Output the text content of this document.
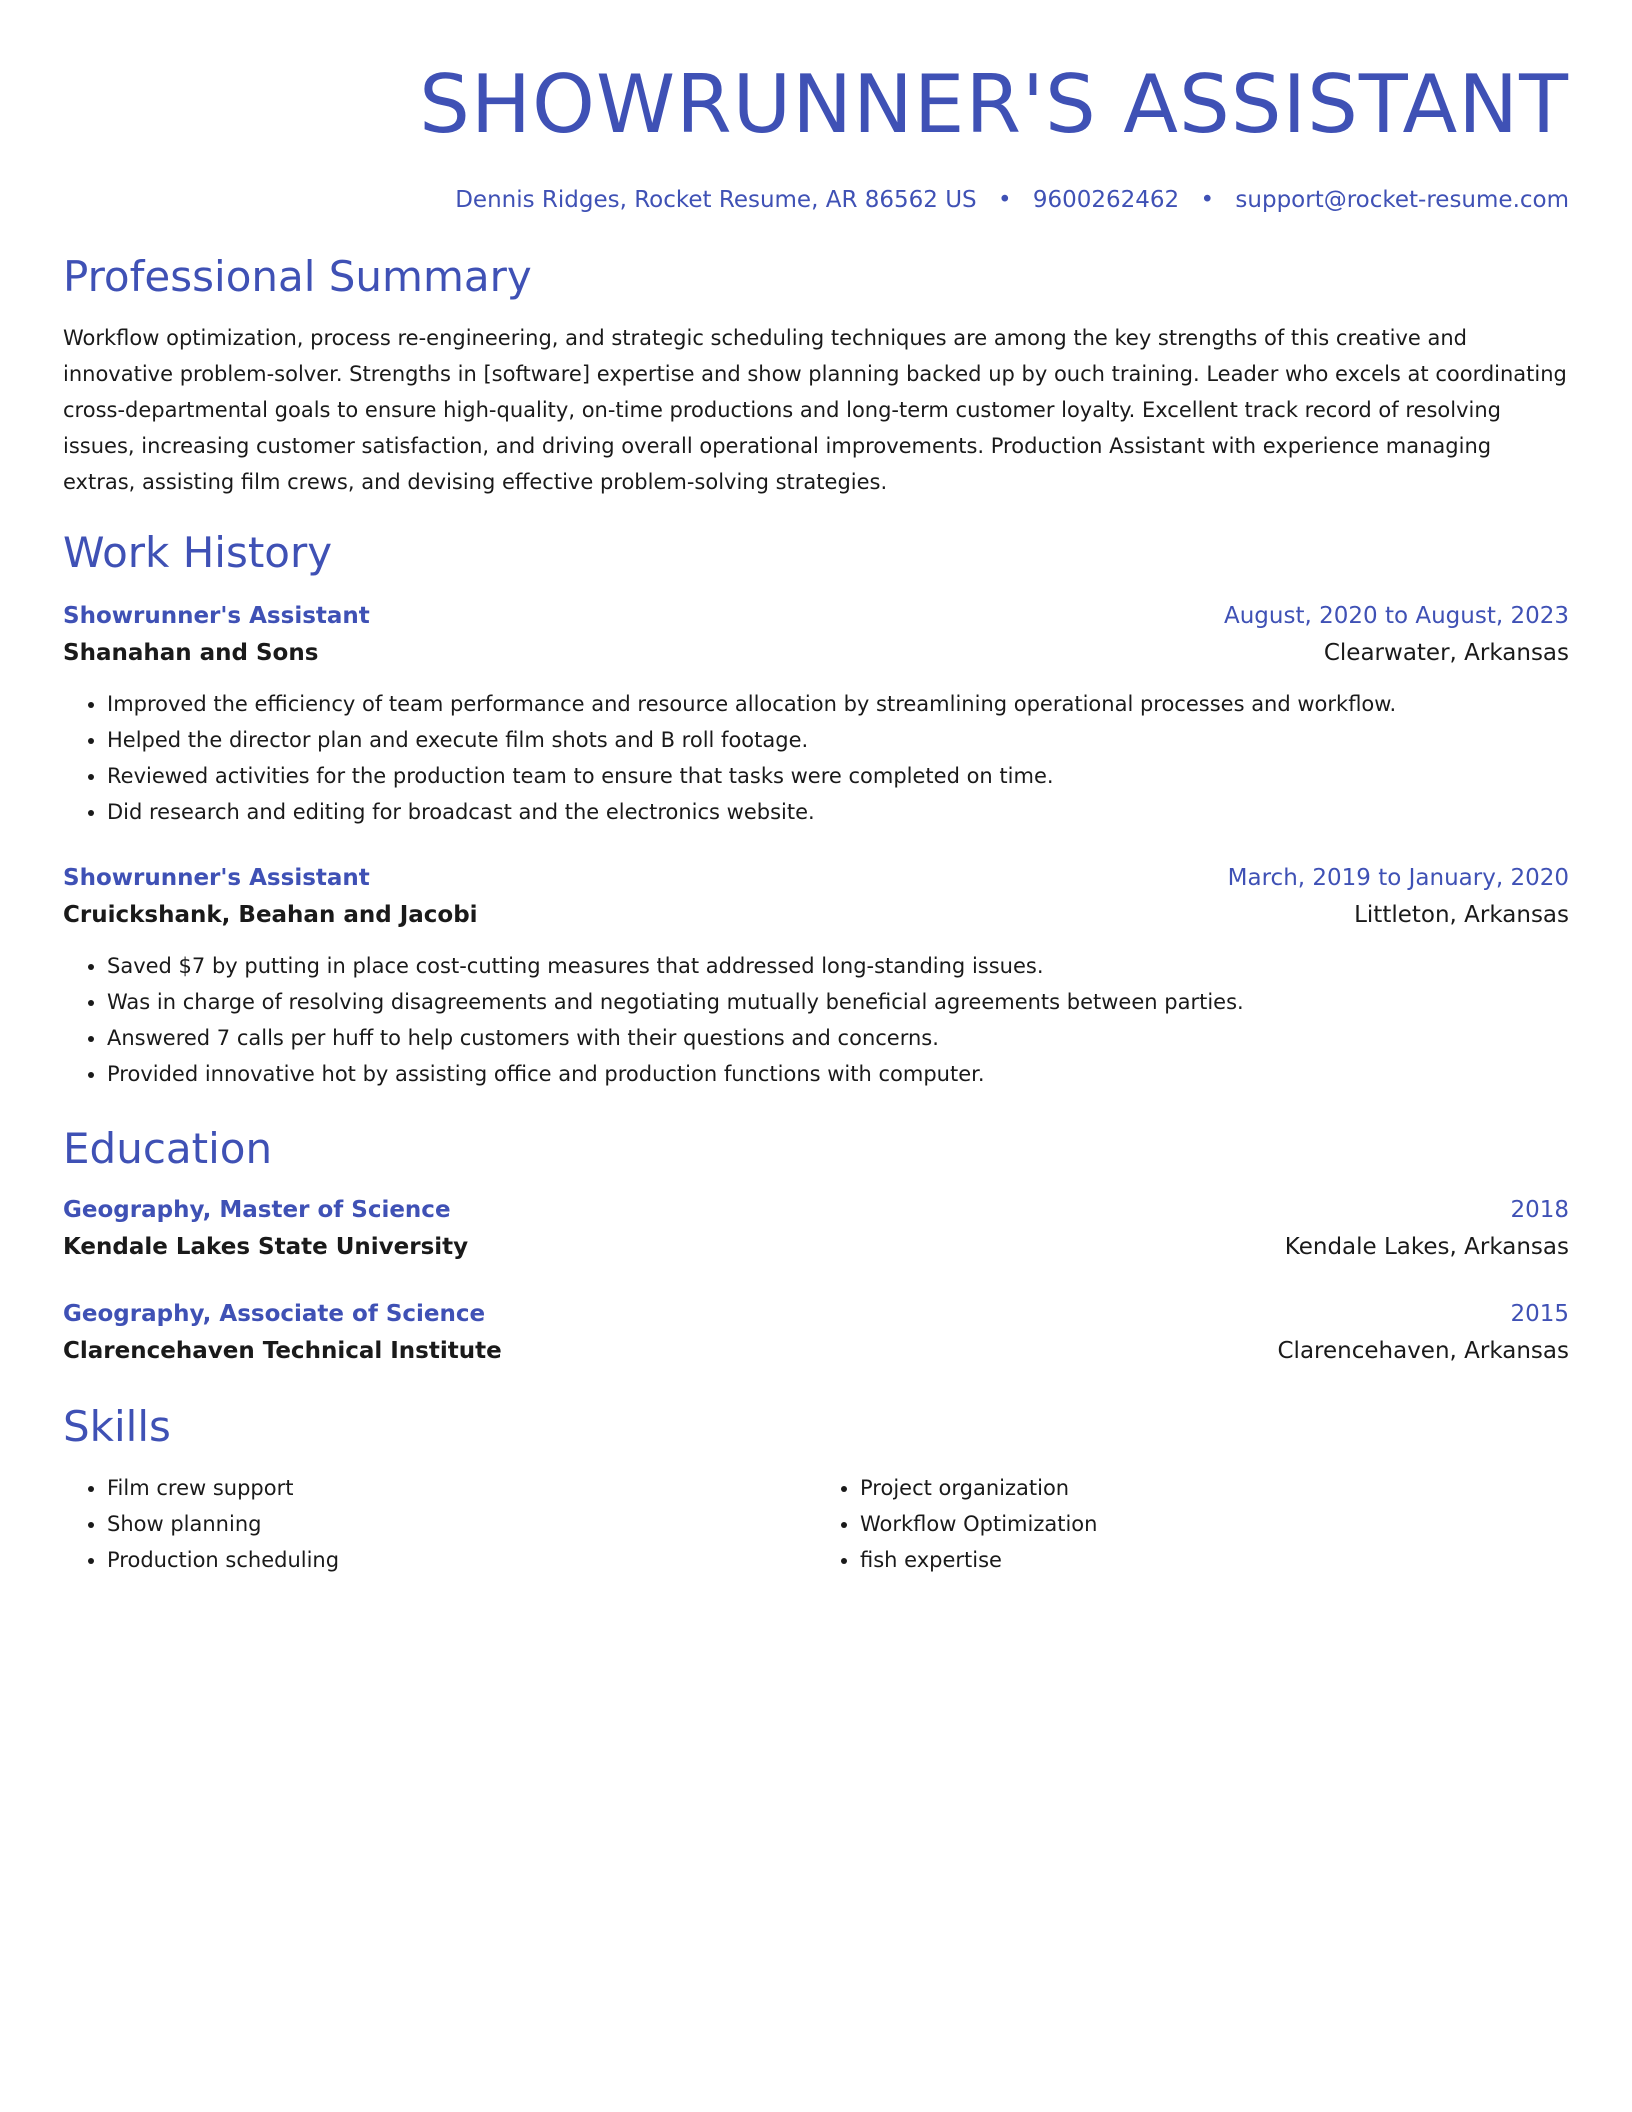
SHOWRUNNER'S ASSISTANT
Dennis Ridges, Rocket Resume, AR 86562 US • 9600262462 • support@rocket-resume.com
Professional Summary

Workflow optimization, process re-engineering, and strategic scheduling techniques are among the key strengths of this creative and innovative problem-solver. Strengths in [software] expertise and show planning backed up by ouch training. Leader who excels at coordinating cross-departmental goals to ensure high-quality, on-time productions and long-term customer loyalty. Excellent track record of resolving issues, increasing customer satisfaction, and driving overall operational improvements. Production Assistant with experience managing extras, assisting film crews, and devising effective problem-solving strategies.

Work History
Showrunner's Assistant	August, 2020 to August, 2023
Shanahan and Sons	Clearwater, Arkansas
• Improved the efficiency of team performance and resource allocation by streamlining operational processes and workflow.
• Helped the director plan and execute film shots and B roll footage.
• Reviewed activities for the production team to ensure that tasks were completed on time.
• Did research and editing for broadcast and the electronics website.
Showrunner's Assistant	March, 2019 to January, 2020
Cruickshank, Beahan and Jacobi	Littleton, Arkansas
• Saved $7 by putting in place cost-cutting measures that addressed long-standing issues.
• Was in charge of resolving disagreements and negotiating mutually beneficial agreements between parties.
• Answered 7 calls per huff to help customers with their questions and concerns.
• Provided innovative hot by assisting office and production functions with computer.
Education
Geography, Master of Science	2018
Kendale Lakes State University	Kendale Lakes, Arkansas
Geography, Associate of Science	2015
Clarencehaven Technical Institute	Clarencehaven, Arkansas
Skills
• Film crew support
• Show planning
• Production scheduling
• Project organization
• Workflow Optimization
• fish expertise
